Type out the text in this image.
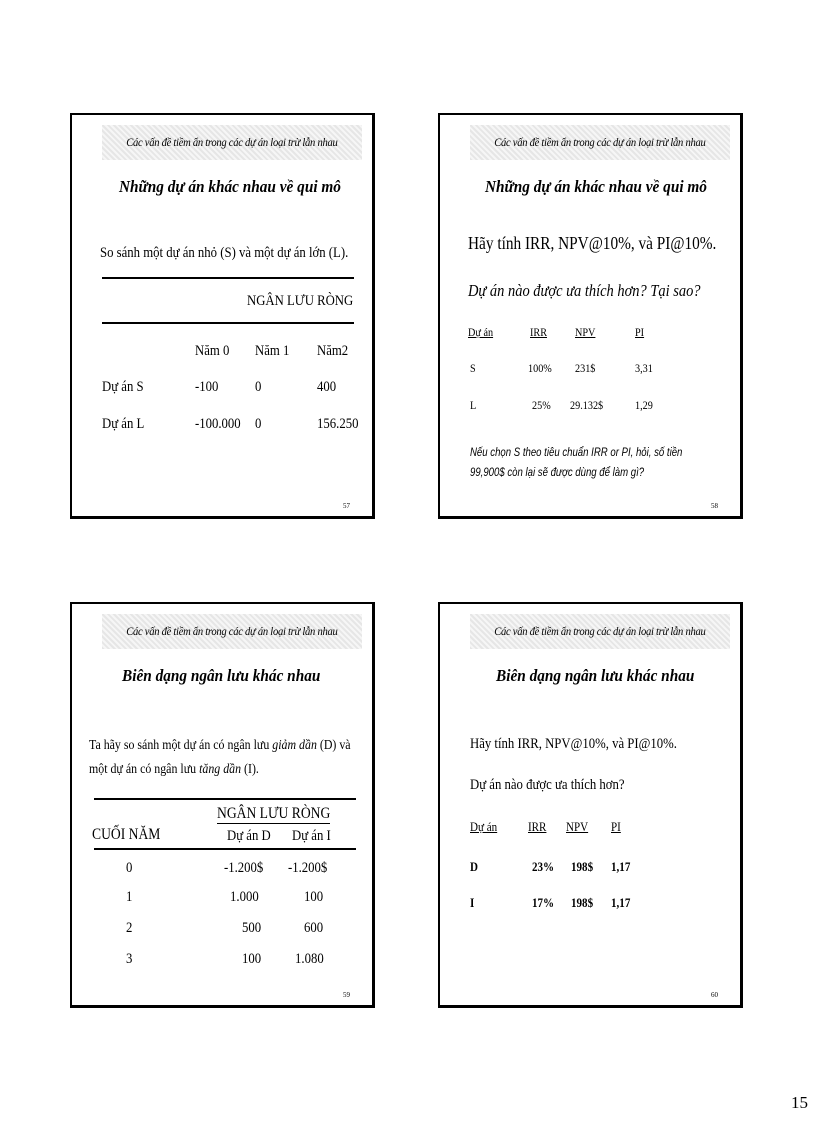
Các vấn đề tiềm ẩn trong các dự án loại trừ lẫn nhau
Những dự án khác nhau về qui mô
So sánh một dự án nhỏ (S) và một dự án lớn (L).
NGÂN LƯU RÒNG
Năm 0 Năm 1 Năm2
Dự án S	-100 0	400
Dự án L	-100.000 0	156.250
57
Các vấn đề tiềm ẩn trong các dự án loại trừ lẫn nhau
Những dự án khác nhau về qui mô
Hãy tính IRR, NPV@10%, và PI@10%.
Dự án nào được ưa thích hơn? Tại sao?
Dự án	IRR NPV	PI
S	100% 231$	3,31
L	25% 29.132$	1,29
Nếu chọn S theo tiêu chuẩn IRR or PI, hỏi, số tiền
99,900$ còn lại sẽ được dùng để làm gì?
58
Các vấn đề tiềm ẩn trong các dự án loại trừ lẫn nhau
Biên dạng ngân lưu khác nhau
Ta hãy so sánh một dự án có ngân lưu giảm dần (D) và
một dự án có ngân lưu tăng dần (I).
NGÂN LƯU RÒNG
CUỐI NĂM	Dự án D Dự án I
0	-1.200$ -1.200$
1	1.000	100
2	500	600
3	100 1.080
59
Các vấn đề tiềm ẩn trong các dự án loại trừ lẫn nhau
Biên dạng ngân lưu khác nhau
Hãy tính IRR, NPV@10%, và PI@10%.
Dự án nào được ưa thích hơn?
Dự án IRR NPV PI
D	23% 198$ 1,17
I	17% 198$ 1,17
60
15
